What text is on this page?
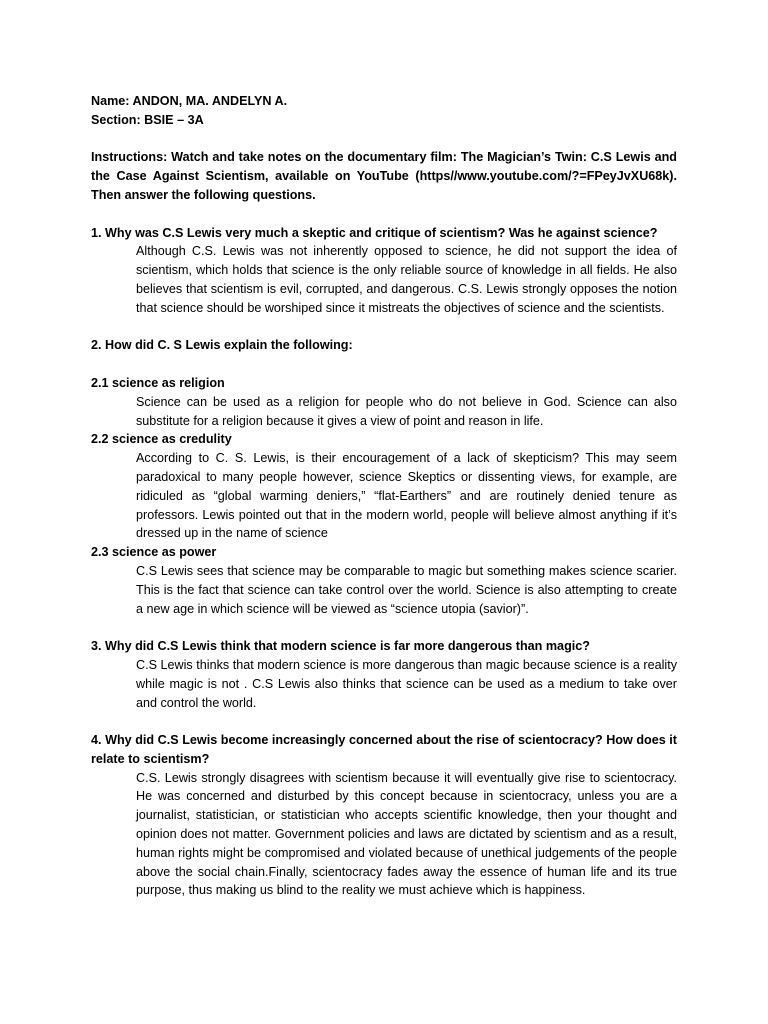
Name: ANDON, MA. ANDELYN A.

Section: BSIE – 3A

Instructions: Watch and take notes on the documentary film: The Magician’s Twin: C.S Lewis and the Case Against Scientism, available on YouTube (https//www.youtube.com/?=FPeyJvXU68k). Then answer the following questions.

1. Why was C.S Lewis very much a skeptic and critique of scientism? Was he against science?

Although C.S. Lewis was not inherently opposed to science, he did not support the idea of scientism, which holds that science is the only reliable source of knowledge in all fields. He also believes that scientism is evil, corrupted, and dangerous. C.S. Lewis strongly opposes the notion that science should be worshiped since it mistreats the objectives of science and the scientists.

2. How did C. S Lewis explain the following:

2.1 science as religion

Science can be used as a religion for people who do not believe in God. Science can also substitute for a religion because it gives a view of point and reason in life.

2.2 science as credulity

According to C. S. Lewis, is their encouragement of a lack of skepticism? This may seem paradoxical to many people however, science Skeptics or dissenting views, for example, are ridiculed as “global warming deniers,” “flat-Earthers” and are routinely denied tenure as professors. Lewis pointed out that in the modern world, people will believe almost anything if it’s dressed up in the name of science

2.3 science as power

C.S Lewis sees that science may be comparable to magic but something makes science scarier. This is the fact that science can take control over the world. Science is also attempting to create a new age in which science will be viewed as “science utopia (savior)”.

3. Why did C.S Lewis think that modern science is far more dangerous than magic?

C.S Lewis thinks that modern science is more dangerous than magic because science is a reality while magic is not . C.S Lewis also thinks that science can be used as a medium to take over and control the world.

4. Why did C.S Lewis become increasingly concerned about the rise of scientocracy? How does it relate to scientism?

C.S. Lewis strongly disagrees with scientism because it will eventually give rise to scientocracy. He was concerned and disturbed by this concept because in scientocracy, unless you are a journalist, statistician, or statistician who accepts scientific knowledge, then your thought and opinion does not matter. Government policies and laws are dictated by scientism and as a result, human rights might be compromised and violated because of unethical judgements of the people above the social chain.Finally, scientocracy fades away the essence of human life and its true purpose, thus making us blind to the reality we must achieve which is happiness.
